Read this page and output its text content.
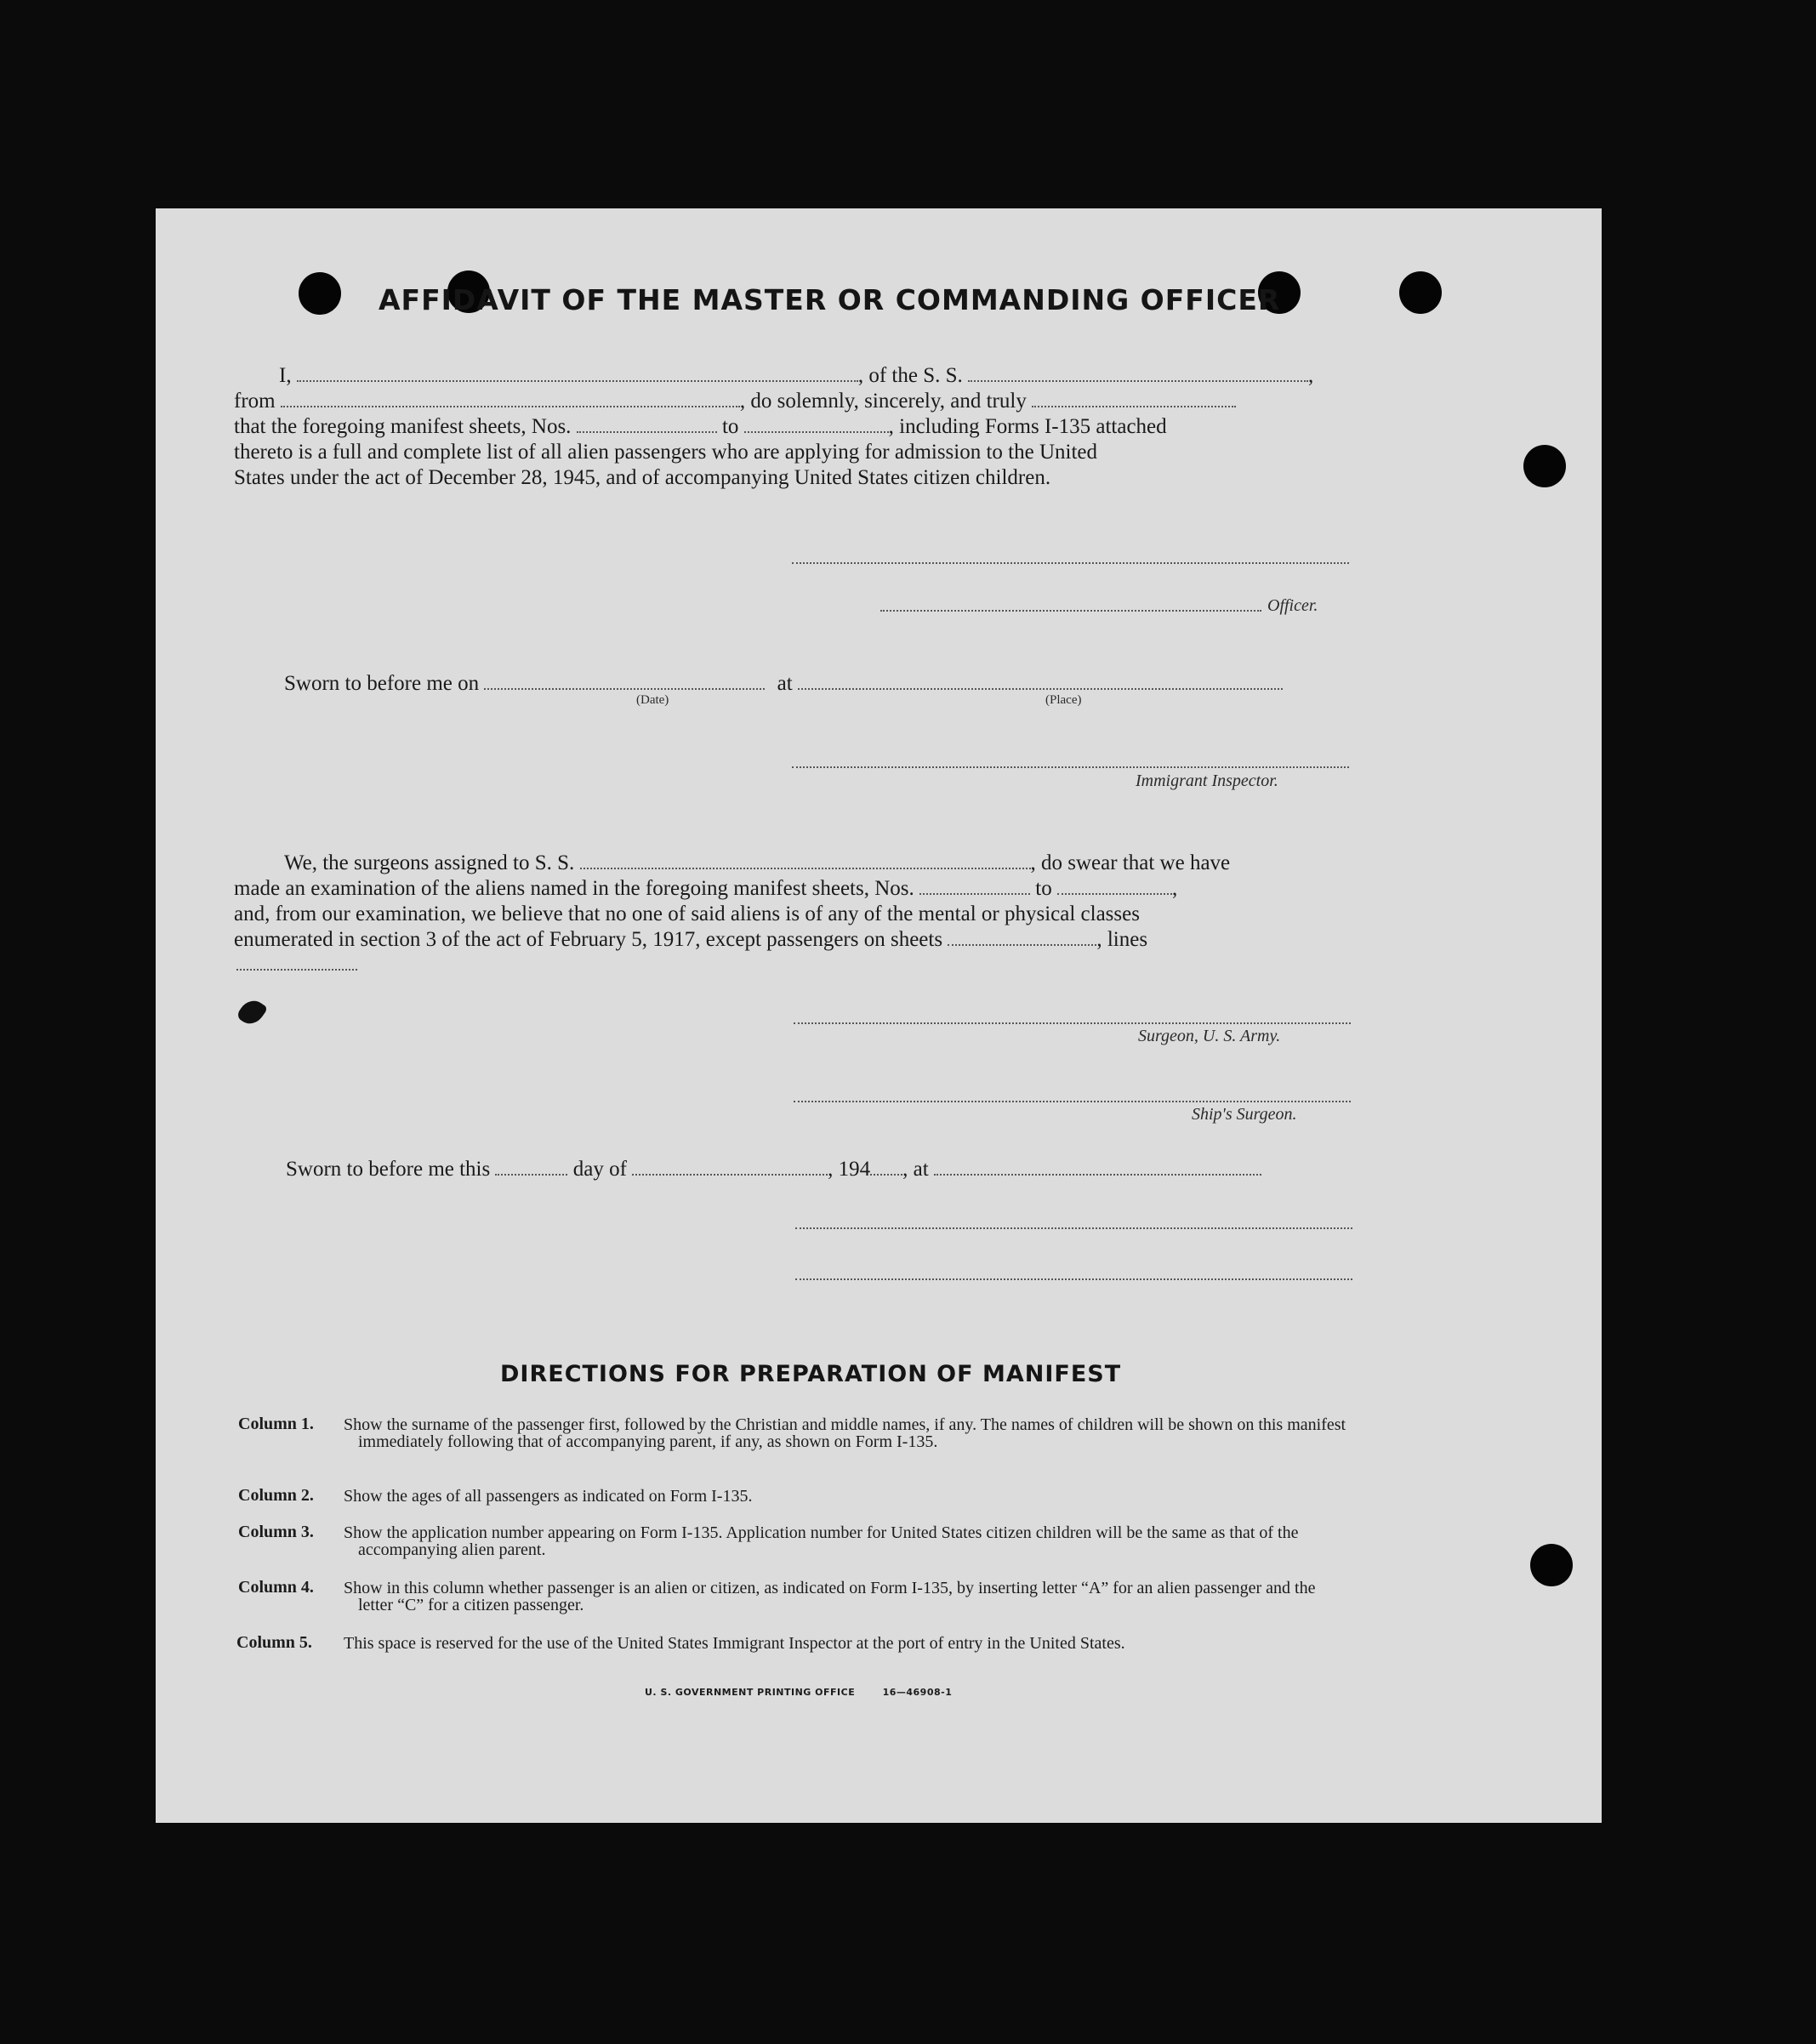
AFFIDAVIT OF THE MASTER OR COMMANDING OFFICER
I,	, of the S. S.	,
from	, do solemnly, sincerely, and truly
that the foregoing manifest sheets, Nos.	to	, including Forms I-135 attached
thereto is a full and complete list of all alien passengers who are applying for admission to the United
States under the act of December 28, 1945, and of accompanying United States citizen children.
Officer.
Sworn to before me on	at
(Date)	(Place)
Immigrant Inspector.
We, the surgeons assigned to S. S.	, do swear that we have
made an examination of the aliens named in the foregoing manifest sheets, Nos.	to	,
and, from our examination, we believe that no one of said aliens is of any of the mental or physical classes
enumerated in section 3 of the act of February 5, 1917, except passengers on sheets	, lines
Surgeon, U. S. Army.
Ship's Surgeon.
Sworn to before me this	day of	, 194 , at
DIRECTIONS FOR PREPARATION OF MANIFEST
Column 1. Show the surname of the passenger first, followed by the Christian and middle names, if any. The names of children will be shown on this manifest immediately following that of accompanying parent, if any, as shown on Form I-135.
Column 2. Show the ages of all passengers as indicated on Form I-135.
Column 3. Show the application number appearing on Form I-135. Application number for United States citizen children will be the same as that of the accompanying alien parent.
Column 4. Show in this column whether passenger is an alien or citizen, as indicated on Form I-135, by inserting letter “A” for an alien passenger and the letter “C” for a citizen passenger.
Column 5. This space is reserved for the use of the United States Immigrant Inspector at the port of entry in the United States.
U. S. GOVERNMENT PRINTING OFFICE	16—46908-1
